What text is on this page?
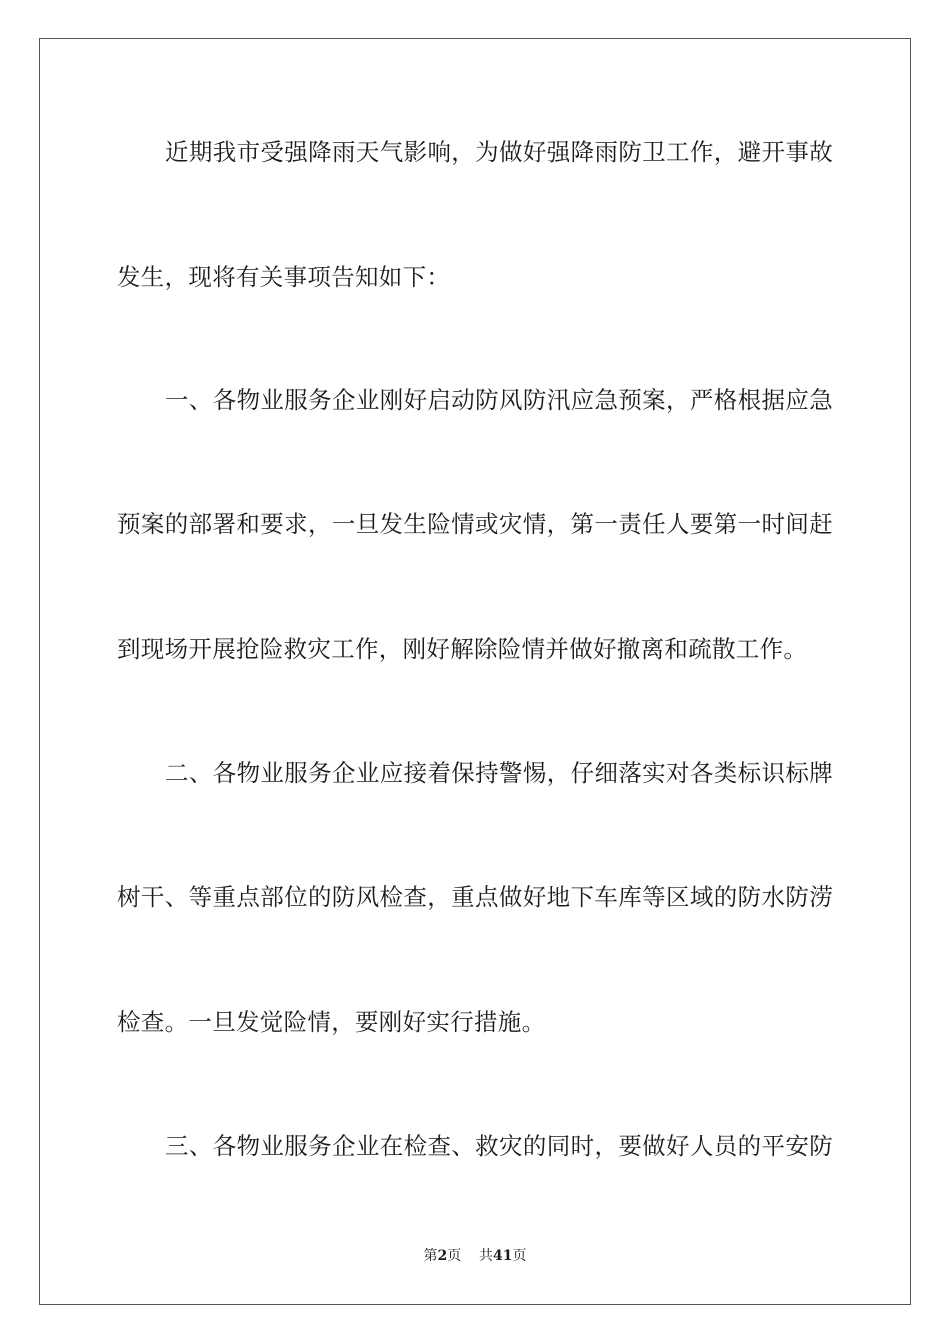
近期我市受强降雨天气影响，为做好强降雨防卫工作，避开事故
发生，现将有关事项告知如下：
一、各物业服务企业刚好启动防风防汛应急预案，严格根据应急
预案的部署和要求，一旦发生险情或灾情，第一责任人要第一时间赶
到现场开展抢险救灾工作，刚好解除险情并做好撤离和疏散工作。
二、各物业服务企业应接着保持警惕，仔细落实对各类标识标牌
树干、等重点部位的防风检查，重点做好地下车库等区域的防水防涝
检查。一旦发觉险情，要刚好实行措施。
三、各物业服务企业在检查、救灾的同时，要做好人员的平安防
第2页 共41页
